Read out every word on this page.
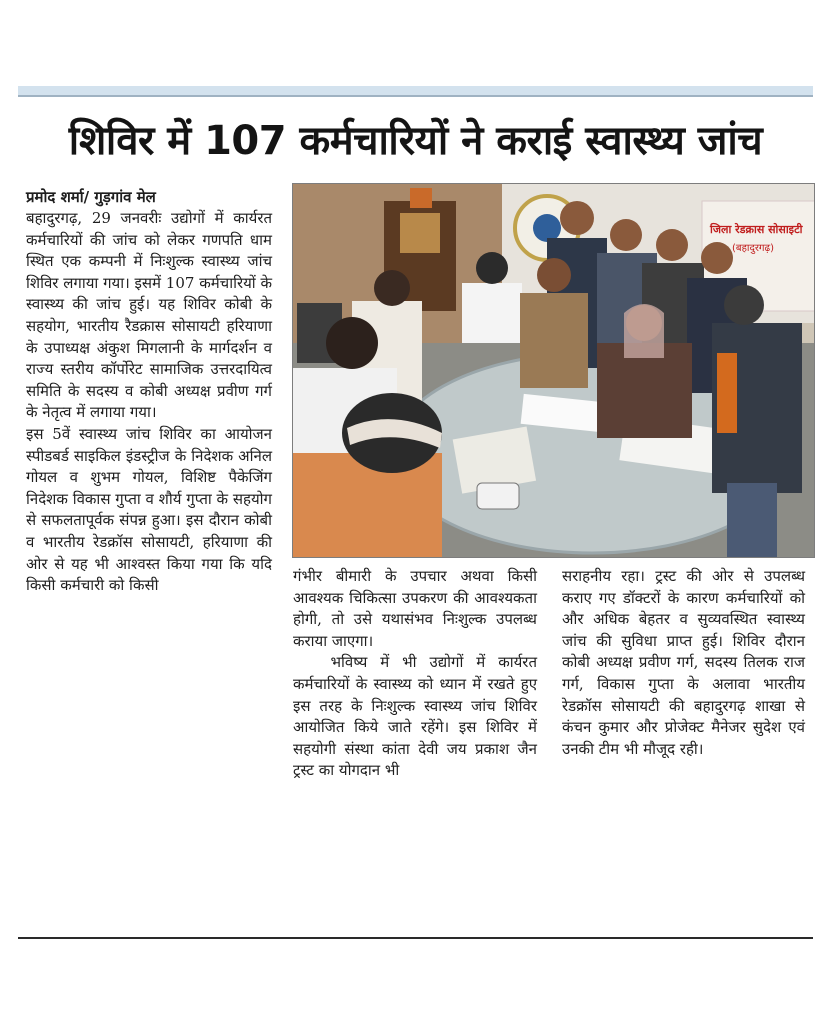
शिविर में 107 कर्मचारियों ने कराई स्वास्थ्य जांच
प्रमोद शर्मा/ गुड़गांव मेल

बहादुरगढ़, 29 जनवरीः उद्योगों में कार्यरत कर्मचारियों की जांच को लेकर गणपति धाम स्थित एक कम्पनी में निःशुल्क स्वास्थ्य जांच शिविर लगाया गया। इसमें 107 कर्मचारियों के स्वास्थ्य की जांच हुई। यह शिविर कोबी के सहयोग, भारतीय रैडक्रास सोसायटी हरियाणा के उपाध्यक्ष अंकुश मिगलानी के मार्गदर्शन व राज्य स्तरीय कॉर्पोरेट सामाजिक उत्तरदायित्व समिति के सदस्य व कोबी अध्यक्ष प्रवीण गर्ग के नेतृत्व में लगाया गया।

इस 5वें स्वास्थ्य जांच शिविर का आयोजन स्पीडबर्ड साइकिल इंडस्ट्रीज के निदेशक अनिल गोयल व शुभम गोयल, विशिष्ट पैकेजिंग निदेशक विकास गुप्ता व शौर्य गुप्ता के सहयोग से सफलतापूर्वक संपन्न हुआ। इस दौरान कोबी व भारतीय रेडक्रॉस सोसायटी, हरियाणा की ओर से यह भी आश्वस्त किया गया कि यदि किसी कर्मचारी को किसी

जिला रेडक्रास सोसाइटी
(बहादुरगढ़)

गंभीर बीमारी के उपचार अथवा किसी आवश्यक चिकित्सा उपकरण की आवश्यकता होगी, तो उसे यथासंभव निःशुल्क उपलब्ध कराया जाएगा।

भविष्य में भी उद्योगों में कार्यरत कर्मचारियों के स्वास्थ्य को ध्यान में रखते हुए इस तरह के निःशुल्क स्वास्थ्य जांच शिविर आयोजित किये जाते रहेंगे। इस शिविर में सहयोगी संस्था कांता देवी जय प्रकाश जैन ट्रस्ट का योगदान भी

सराहनीय रहा। ट्रस्ट की ओर से उपलब्ध कराए गए डॉक्टरों के कारण कर्मचारियों को और अधिक बेहतर व सुव्यवस्थित स्वास्थ्य जांच की सुविधा प्राप्त हुई। शिविर दौरान कोबी अध्यक्ष प्रवीण गर्ग, सदस्य तिलक राज गर्ग, विकास गुप्ता के अलावा भारतीय रेडक्रॉस सोसायटी की बहादुरगढ़ शाखा से कंचन कुमार और प्रोजेक्ट मैनेजर सुदेश एवं उनकी टीम भी मौजूद रही।
